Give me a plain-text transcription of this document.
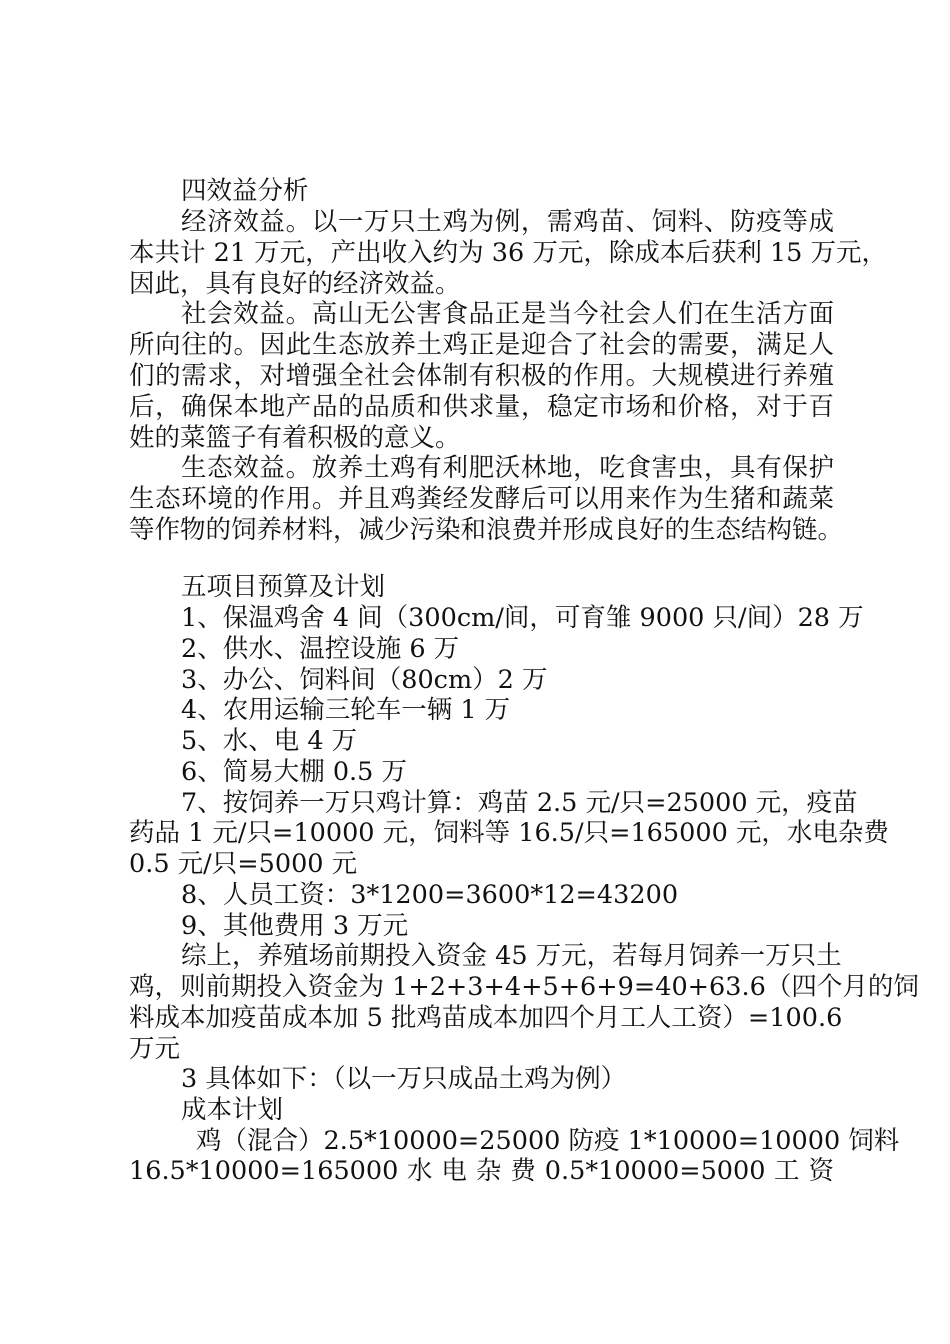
四效益分析
经济效益。以一万只土鸡为例，需鸡苗、饲料、防疫等成
本共计 21 万元，产出收入约为 36 万元，除成本后获利 15 万元，
因此，具有良好的经济效益。
社会效益。高山无公害食品正是当今社会人们在生活方面
所向往的。因此生态放养土鸡正是迎合了社会的需要，满足人
们的需求，对增强全社会体制有积极的作用。大规模进行养殖
后，确保本地产品的品质和供求量，稳定市场和价格，对于百
姓的菜篮子有着积极的意义。
生态效益。放养土鸡有利肥沃林地，吃食害虫，具有保护
生态环境的作用。并且鸡粪经发酵后可以用来作为生猪和蔬菜
等作物的饲养材料，减少污染和浪费并形成良好的生态结构链。
五项目预算及计划
1、保温鸡舍 4 间（300cm/间，可育雏 9000 只/间）28 万
2、供水、温控设施 6 万
3、办公、饲料间（80cm）2 万
4、农用运输三轮车一辆 1 万
5、水、电 4 万
6、简易大棚 0.5 万
7、按饲养一万只鸡计算：鸡苗 2.5 元/只=25000 元，疫苗
药品 1 元/只=10000 元，饲料等 16.5/只=165000 元，水电杂费
0.5 元/只=5000 元
8、人员工资：3*1200=3600*12=43200
9、其他费用 3 万元
综上，养殖场前期投入资金 45 万元，若每月饲养一万只土
鸡，则前期投入资金为 1+2+3+4+5+6+9=40+63.6（四个月的饲
料成本加疫苗成本加 5 批鸡苗成本加四个月工人工资）=100.6
万元
3 具体如下：（以一万只成品土鸡为例）
成本计划
鸡（混合）2.5*10000=25000 防疫 1*10000=10000 饲料
16.5*10000=165000 水 电 杂 费 0.5*10000=5000 工 资
